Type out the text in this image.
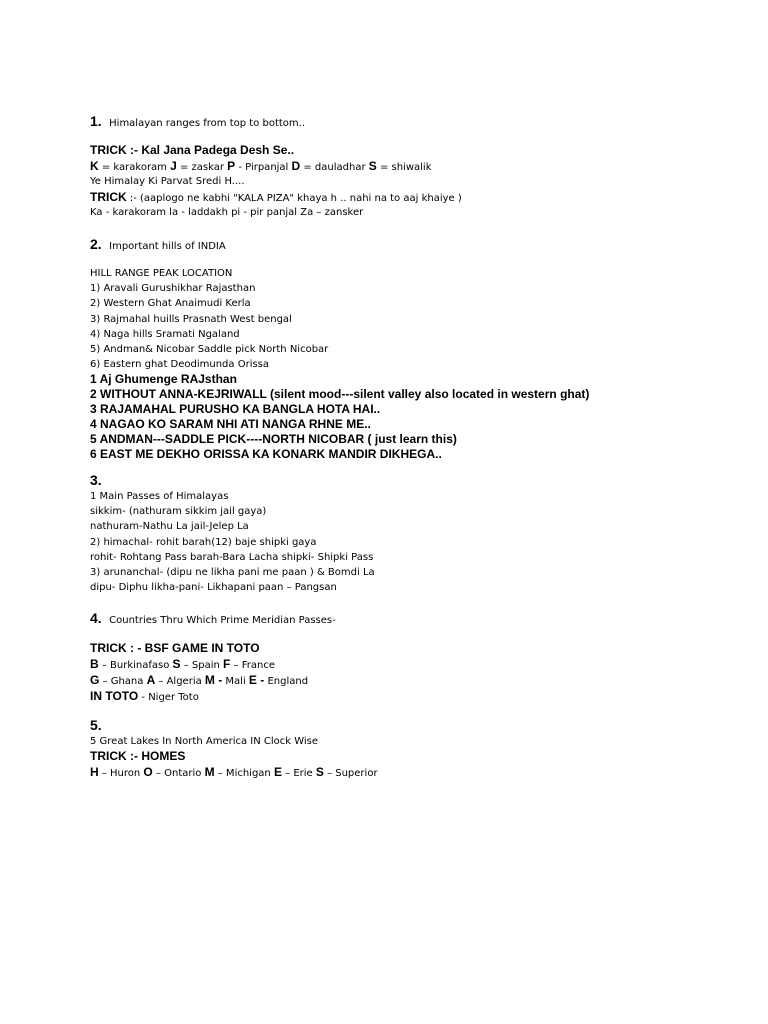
1. Himalayan ranges from top to bottom..
TRICK :- Kal Jana Padega Desh Se..
K = karakoram J = zaskar P - Pirpanjal D = dauladhar S = shiwalik
Ye Himalay Ki Parvat Sredi H....
TRICK :- (aaplogo ne kabhi "KALA PIZA" khaya h .. nahi na to aaj khaiye )
Ka - karakoram la - laddakh pi - pir panjal Za – zansker
2. Important hills of INDIA
HILL RANGE PEAK LOCATION
1) Aravali Gurushikhar Rajasthan
2) Western Ghat Anaimudi Kerla
3) Rajmahal huills Prasnath West bengal
4) Naga hills Sramati Ngaland
5) Andman& Nicobar Saddle pick North Nicobar
6) Eastern ghat Deodimunda Orissa
1 Aj Ghumenge RAJsthan
2 WITHOUT ANNA-KEJRIWALL (silent mood---silent valley also located in western ghat)
3 RAJAMAHAL PURUSHO KA BANGLA HOTA HAI..
4 NAGAO KO SARAM NHI ATI NANGA RHNE ME..
5 ANDMAN---SADDLE PICK----NORTH NICOBAR ( just learn this)
6 EAST ME DEKHO ORISSA KA KONARK MANDIR DIKHEGA..
3.
1 Main Passes of Himalayas
sikkim- (nathuram sikkim jail gaya)
nathuram-Nathu La jail-Jelep La
2) himachal- rohit barah(12) baje shipki gaya
rohit- Rohtang Pass barah-Bara Lacha shipki- Shipki Pass
3) arunanchal- (dipu ne likha pani me paan ) & Bomdi La
dipu- Diphu likha-pani- Likhapani paan – Pangsan
4. Countries Thru Which Prime Meridian Passes-
TRICK : - BSF GAME IN TOTO
B – Burkinafaso S – Spain F – France
G – Ghana A – Algeria M - Mali E - England
IN TOTO - Niger Toto
5.
5 Great Lakes In North America IN Clock Wise
TRICK :- HOMES
H – Huron O – Ontario M – Michigan E – Erie S – Superior
